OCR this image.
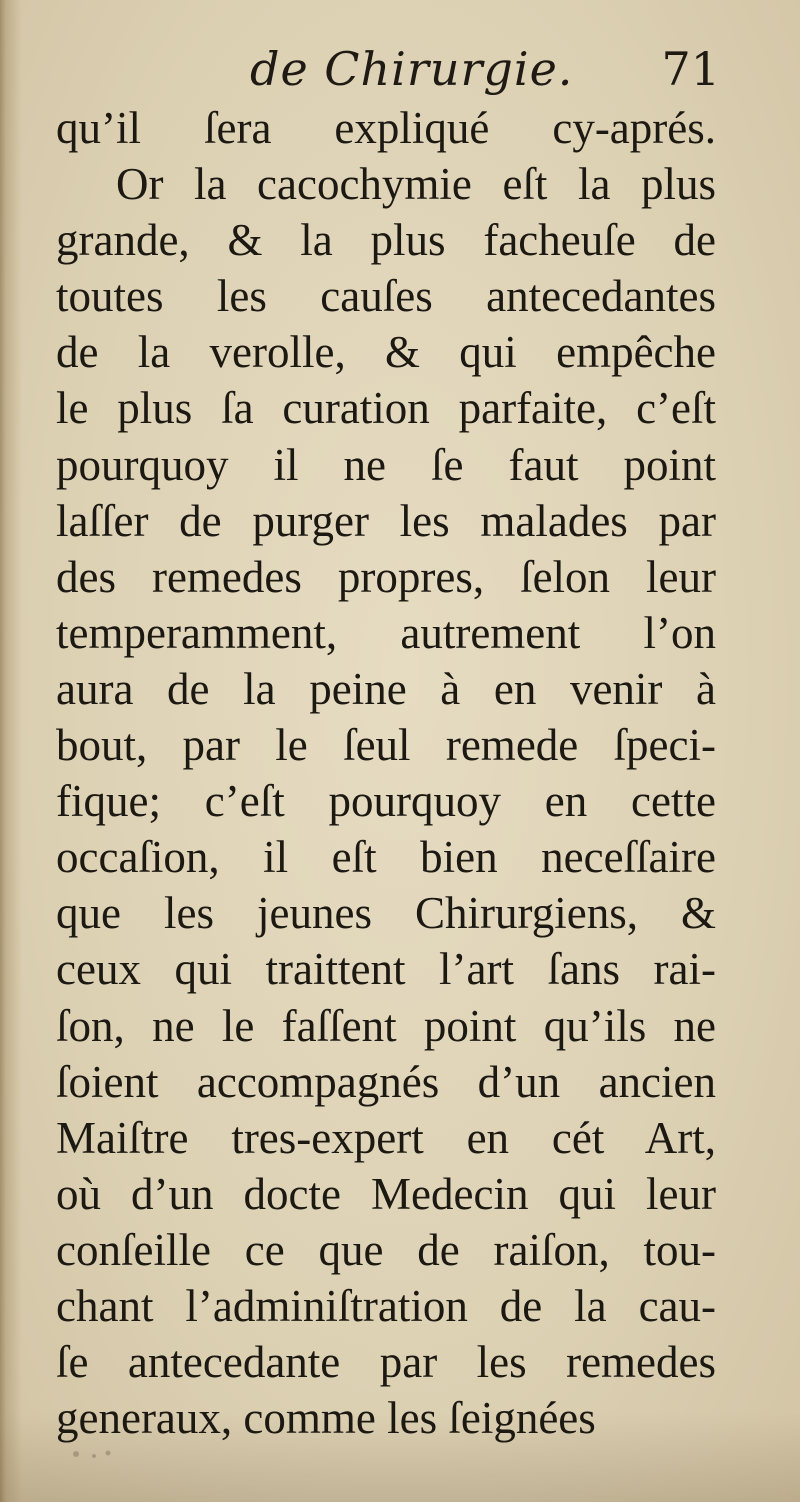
de Chirurgie. 71
qu’il ſera expliqué cy-aprés.
Or la cacochymie eſt la plus
grande, & la plus facheuſe de
toutes les cauſes antecedantes
de la verolle, & qui empêche
le plus ſa curation parfaite, c’eſt
pourquoy il ne ſe faut point
laſſer de purger les malades par
des remedes propres, ſelon leur
temperamment, autrement l’on
aura de la peine à en venir à
bout, par le ſeul remede ſpeci-
fique; c’eſt pourquoy en cette
occaſion, il eſt bien neceſſaire
que les jeunes Chirurgiens, &
ceux qui traittent l’art ſans rai-
ſon, ne le faſſent point qu’ils ne
ſoient accompagnés d’un ancien
Maiſtre tres-expert en cét Art,
où d’un docte Medecin qui leur
conſeille ce que de raiſon, tou-
chant l’adminiſtration de la cau-
ſe antecedante par les remedes
generaux, comme les ſeignées
